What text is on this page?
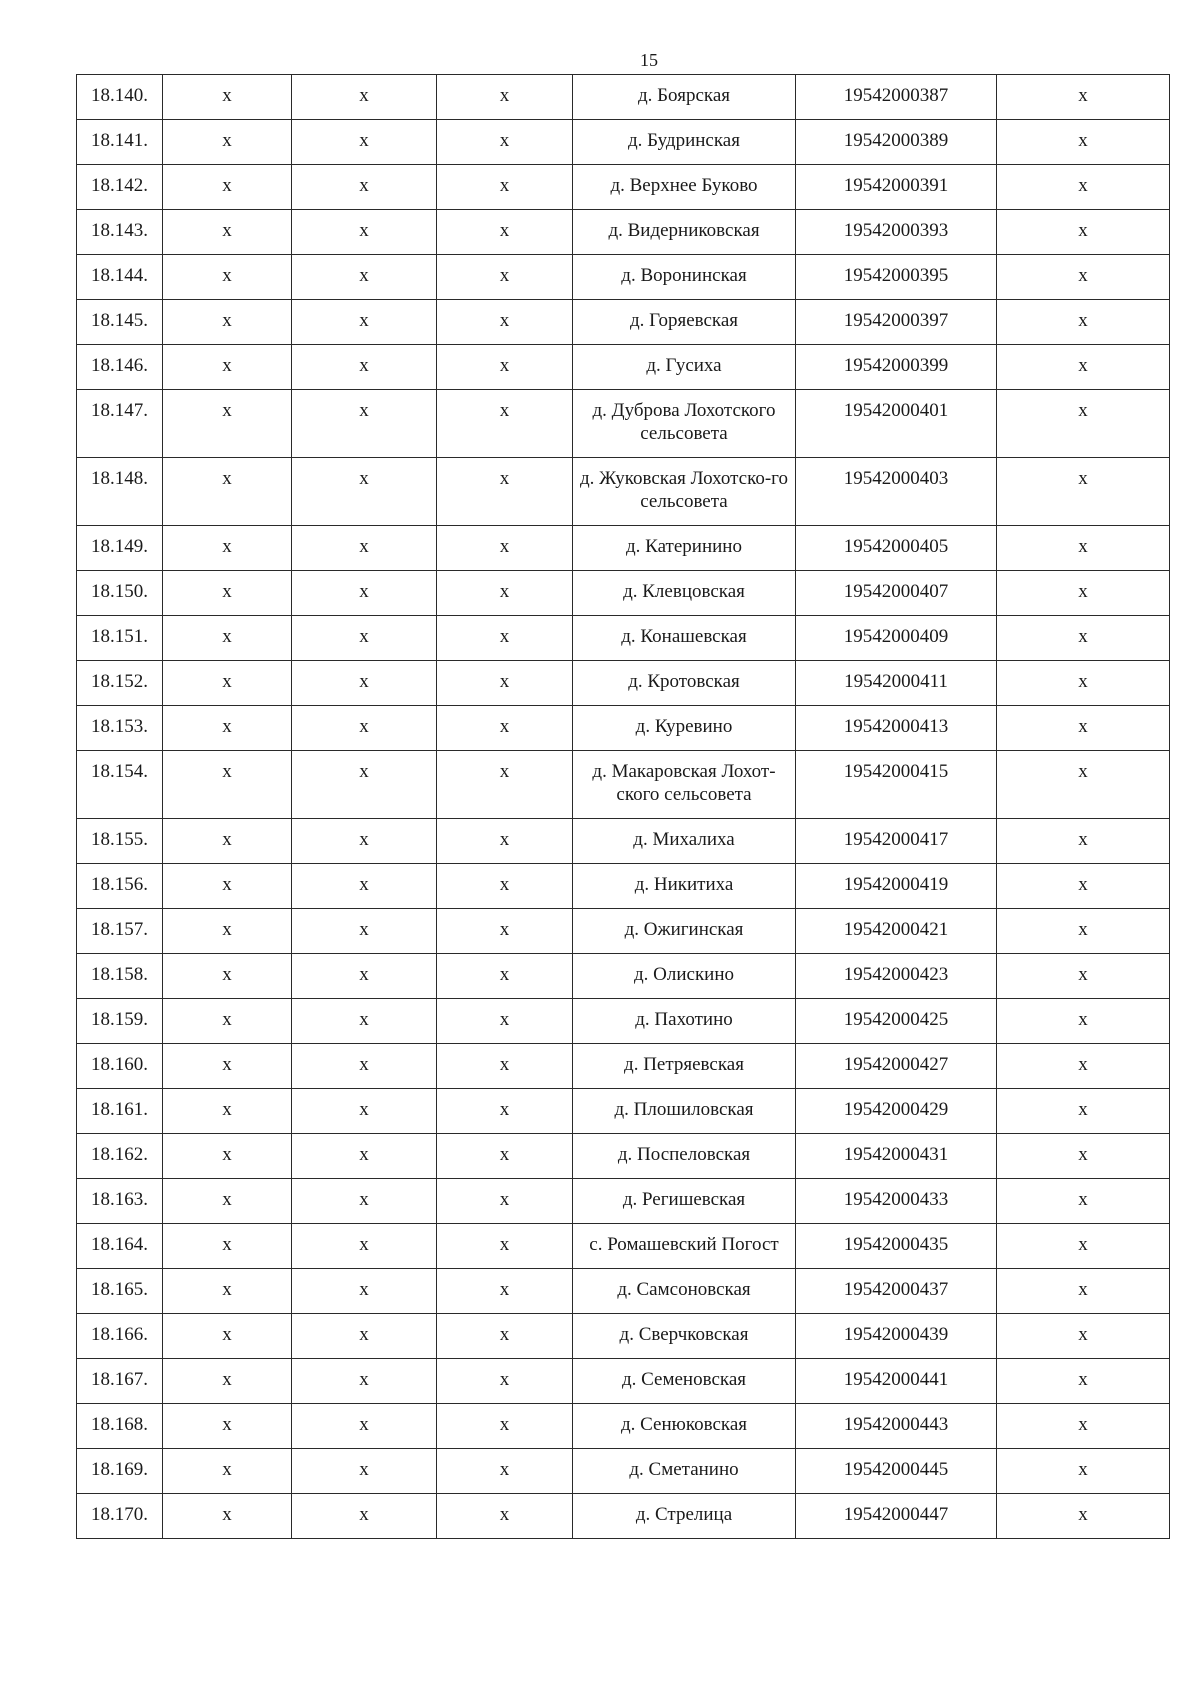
15
18.140.	x	x	x	д. Боярская	19542000387	x
18.141.	x	x	x	д. Будринская	19542000389	x
18.142.	x	x	x	д. Верхнее Буково	19542000391	x
18.143.	x	x	x	д. Видерниковская	19542000393	x
18.144.	x	x	x	д. Воронинская	19542000395	x
18.145.	x	x	x	д. Горяевская	19542000397	x
18.146.	x	x	x	д. Гусиха	19542000399	x
18.147.	x	x	x	д. Дуброва Лохотского сельсовета	19542000401	x
18.148.	x	x	x	д. Жуковская Лохотско-го сельсовета	19542000403	x
18.149.	x	x	x	д. Катеринино	19542000405	x
18.150.	x	x	x	д. Клевцовская	19542000407	x
18.151.	x	x	x	д. Конашевская	19542000409	x
18.152.	x	x	x	д. Кротовская	19542000411	x
18.153.	x	x	x	д. Куревино	19542000413	x
18.154.	x	x	x	д. Макаровская Лохот-ского сельсовета	19542000415	x
18.155.	x	x	x	д. Михалиха	19542000417	x
18.156.	x	x	x	д. Никитиха	19542000419	x
18.157.	x	x	x	д. Ожигинская	19542000421	x
18.158.	x	x	x	д. Олискино	19542000423	x
18.159.	x	x	x	д. Пахотино	19542000425	x
18.160.	x	x	x	д. Петряевская	19542000427	x
18.161.	x	x	x	д. Плошиловская	19542000429	x
18.162.	x	x	x	д. Поспеловская	19542000431	x
18.163.	x	x	x	д. Регишевская	19542000433	x
18.164.	x	x	x	с. Ромашевский Погост	19542000435	x
18.165.	x	x	x	д. Самсоновская	19542000437	x
18.166.	x	x	x	д. Сверчковская	19542000439	x
18.167.	x	x	x	д. Семеновская	19542000441	x
18.168.	x	x	x	д. Сенюковская	19542000443	x
18.169.	x	x	x	д. Сметанино	19542000445	x
18.170.	x	x	x	д. Стрелица	19542000447	x
